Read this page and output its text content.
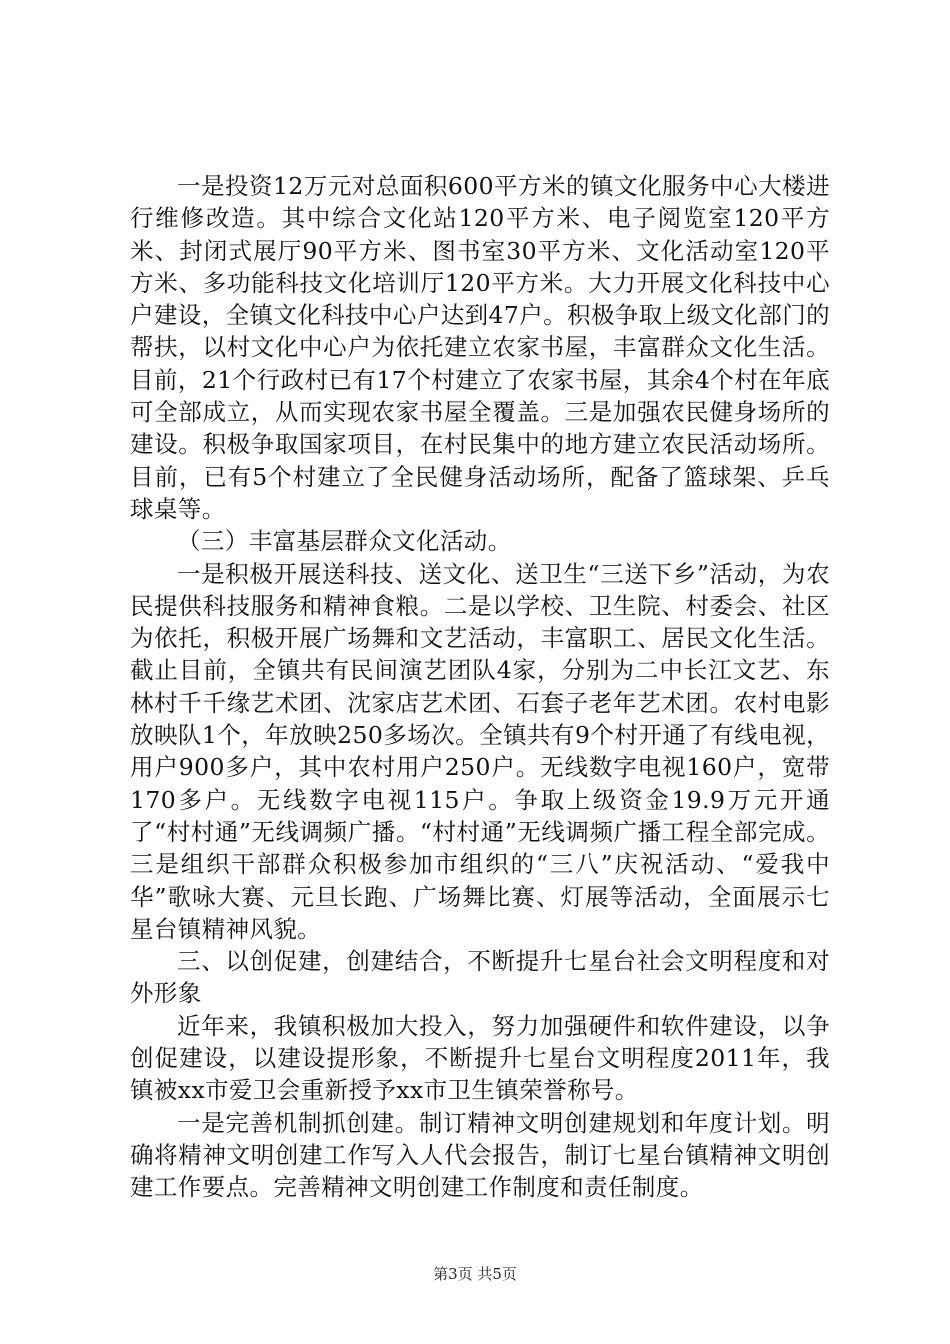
一是投资12万元对总面积600平方米的镇文化服务中心大楼进行维修改造。其中综合文化站120平方米、电子阅览室120平方米、封闭式展厅90平方米、图书室30平方米、文化活动室120平方米、多功能科技文化培训厅120平方米。大力开展文化科技中心户建设，全镇文化科技中心户达到47户。积极争取上级文化部门的帮扶，以村文化中心户为依托建立农家书屋，丰富群众文化生活。目前，21个行政村已有17个村建立了农家书屋，其余4个村在年底可全部成立，从而实现农家书屋全覆盖。三是加强农民健身场所的建设。积极争取国家项目，在村民集中的地方建立农民活动场所。目前，已有5个村建立了全民健身活动场所，配备了篮球架、乒乓球桌等。

（三）丰富基层群众文化活动。

一是积极开展送科技、送文化、送卫生“三送下乡”活动，为农民提供科技服务和精神食粮。二是以学校、卫生院、村委会、社区为依托，积极开展广场舞和文艺活动，丰富职工、居民文化生活。截止目前，全镇共有民间演艺团队4家，分别为二中长江文艺、东林村千千缘艺术团、沈家店艺术团、石套子老年艺术团。农村电影放映队1个，年放映250多场次。全镇共有9个村开通了有线电视，用户900多户，其中农村用户250户。无线数字电视160户，宽带170多户。无线数字电视115户。争取上级资金19.9万元开通了“村村通”无线调频广播。“村村通”无线调频广播工程全部完成。三是组织干部群众积极参加市组织的“三八”庆祝活动、“爱我中华”歌咏大赛、元旦长跑、广场舞比赛、灯展等活动，全面展示七星台镇精神风貌。

三、以创促建，创建结合，不断提升七星台社会文明程度和对外形象

近年来，我镇积极加大投入，努力加强硬件和软件建设，以争创促建设，以建设提形象，不断提升七星台文明程度2011年，我镇被xx市爱卫会重新授予xx市卫生镇荣誉称号。

一是完善机制抓创建。制订精神文明创建规划和年度计划。明确将精神文明创建工作写入人代会报告，制订七星台镇精神文明创建工作要点。完善精神文明创建工作制度和责任制度。

第3页 共5页
